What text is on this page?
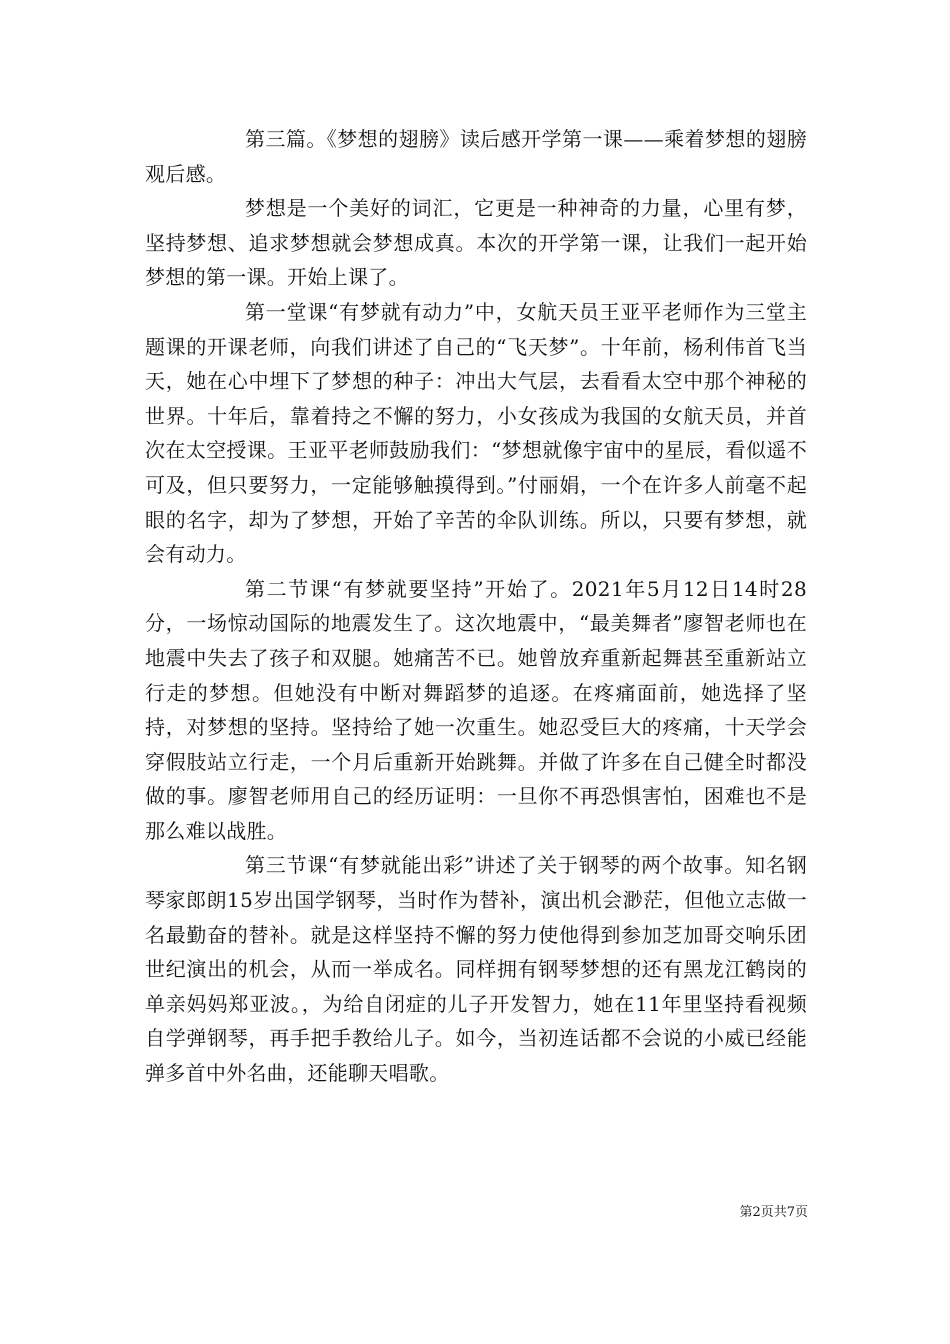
第三篇。《梦想的翅膀》读后感开学第一课——乘着梦想的翅膀观后感。

梦想是一个美好的词汇，它更是一种神奇的力量，心里有梦，坚持梦想、追求梦想就会梦想成真。本次的开学第一课，让我们一起开始梦想的第一课。开始上课了。

第一堂课“有梦就有动力”中，女航天员王亚平老师作为三堂主题课的开课老师，向我们讲述了自己的“飞天梦”。十年前，杨利伟首飞当天，她在心中埋下了梦想的种子：冲出大气层，去看看太空中那个神秘的世界。十年后，靠着持之不懈的努力，小女孩成为我国的女航天员，并首次在太空授课。王亚平老师鼓励我们：“梦想就像宇宙中的星辰，看似遥不可及，但只要努力，一定能够触摸得到。”付丽娟，一个在许多人前毫不起眼的名字，却为了梦想，开始了辛苦的伞队训练。所以，只要有梦想，就会有动力。

第二节课“有梦就要坚持”开始了。2021年5月12日14时28分，一场惊动国际的地震发生了。这次地震中，“最美舞者”廖智老师也在地震中失去了孩子和双腿。她痛苦不已。她曾放弃重新起舞甚至重新站立行走的梦想。但她没有中断对舞蹈梦的追逐。在疼痛面前，她选择了坚持，对梦想的坚持。坚持给了她一次重生。她忍受巨大的疼痛，十天学会穿假肢站立行走，一个月后重新开始跳舞。并做了许多在自己健全时都没做的事。廖智老师用自己的经历证明：一旦你不再恐惧害怕，困难也不是那么难以战胜。

第三节课“有梦就能出彩”讲述了关于钢琴的两个故事。知名钢琴家郎朗15岁出国学钢琴，当时作为替补，演出机会渺茫，但他立志做一名最勤奋的替补。就是这样坚持不懈的努力使他得到参加芝加哥交响乐团世纪演出的机会，从而一举成名。同样拥有钢琴梦想的还有黑龙江鹤岗的单亲妈妈郑亚波。，为给自闭症的儿子开发智力，她在11年里坚持看视频自学弹钢琴，再手把手教给儿子。如今，当初连话都不会说的小威已经能弹多首中外名曲，还能聊天唱歌。

第2页共7页
